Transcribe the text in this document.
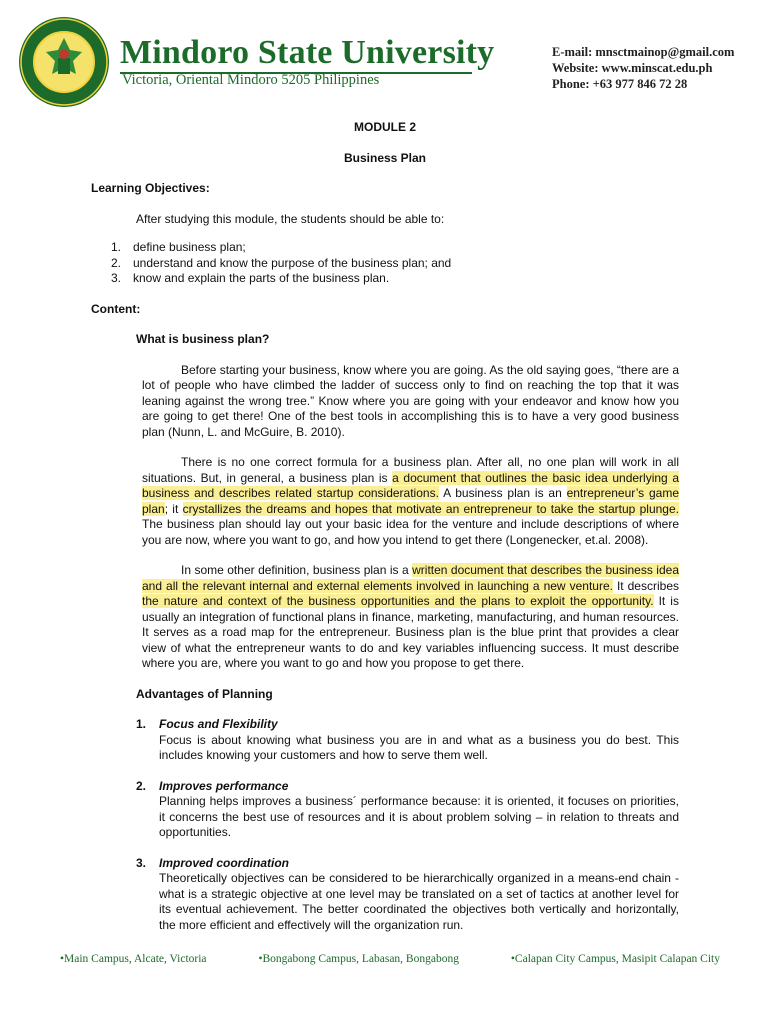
Mindoro State University
Victoria, Oriental Mindoro 5205 Philippines
E-mail: mnsctmainop@gmail.com
Website: www.minscat.edu.ph
Phone: +63 977 846 72 28

MODULE 2

Business Plan

Learning Objectives:

After studying this module, the students should be able to:

1. define business plan;
2. understand and know the purpose of the business plan; and
3. know and explain the parts of the business plan.

Content:

What is business plan?

Before starting your business, know where you are going. As the old saying goes, “there are a lot of people who have climbed the ladder of success only to find on reaching the top that it was leaning against the wrong tree.” Know where you are going with your endeavor and know how you are going to get there! One of the best tools in accomplishing this is to have a very good business plan (Nunn, L. and McGuire, B. 2010).

There is no one correct formula for a business plan. After all, no one plan will work in all situations. But, in general, a business plan is a document that outlines the basic idea underlying a business and describes related startup considerations. A business plan is an entrepreneur’s game plan; it crystallizes the dreams and hopes that motivate an entrepreneur to take the startup plunge. The business plan should lay out your basic idea for the venture and include descriptions of where you are now, where you want to go, and how you intend to get there (Longenecker, et.al. 2008).

In some other definition, business plan is a written document that describes the business idea and all the relevant internal and external elements involved in launching a new venture. It describes the nature and context of the business opportunities and the plans to exploit the opportunity. It is usually an integration of functional plans in finance, marketing, manufacturing, and human resources. It serves as a road map for the entrepreneur. Business plan is the blue print that provides a clear view of what the entrepreneur wants to do and key variables influencing success. It must describe where you are, where you want to go and how you propose to get there.

Advantages of Planning

1. Focus and Flexibility

Focus is about knowing what business you are in and what as a business you do best. This includes knowing your customers and how to serve them well.

2. Improves performance

Planning helps improves a business´ performance because: it is oriented, it focuses on priorities, it concerns the best use of resources and it is about problem solving – in relation to threats and opportunities.

3. Improved coordination

Theoretically objectives can be considered to be hierarchically organized in a means-end chain - what is a strategic objective at one level may be translated on a set of tactics at another level for its eventual achievement. The better coordinated the objectives both vertically and horizontally, the more efficient and effectively will the organization run.

•Main Campus, Alcate, Victoria	•Bongabong Campus, Labasan, Bongabong	•Calapan City Campus, Masipit Calapan City
